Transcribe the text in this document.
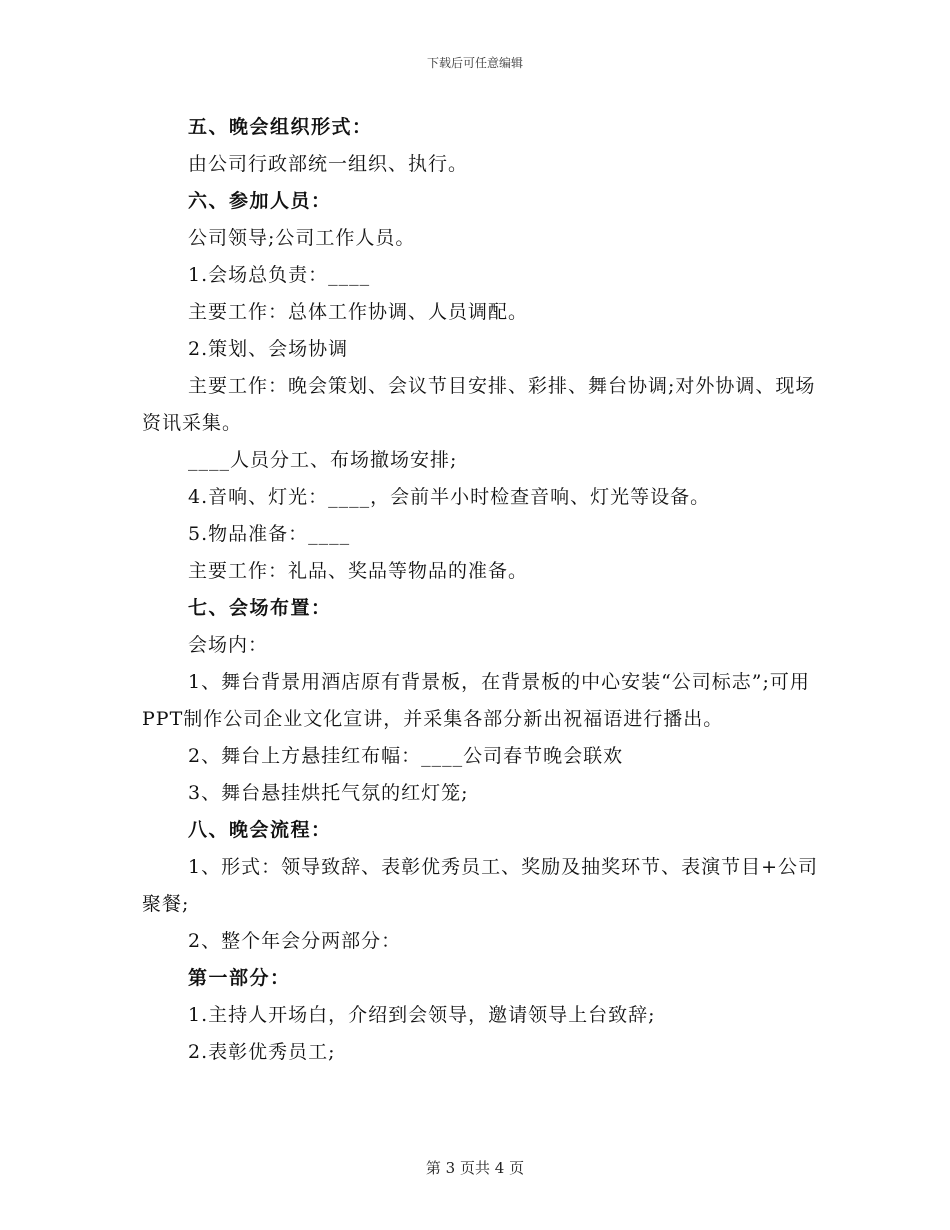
下载后可任意编辑

五、晚会组织形式：

由公司行政部统一组织、执行。

六、参加人员：

公司领导;公司工作人员。

1.会场总负责：____

主要工作：总体工作协调、人员调配。

2.策划、会场协调

主要工作：晚会策划、会议节目安排、彩排、舞台协调;对外协调、现场资讯采集。

____人员分工、布场撤场安排;

4.音响、灯光：____，会前半小时检查音响、灯光等设备。

5.物品准备：____

主要工作：礼品、奖品等物品的准备。

七、会场布置：

会场内：

1、舞台背景用酒店原有背景板，在背景板的中心安装“公司标志”;可用PPT制作公司企业文化宣讲，并采集各部分新出祝福语进行播出。

2、舞台上方悬挂红布幅：____公司春节晚会联欢

3、舞台悬挂烘托气氛的红灯笼;

八、晚会流程：

1、形式：领导致辞、表彰优秀员工、奖励及抽奖环节、表演节目+公司聚餐;

2、整个年会分两部分：

第一部分：

1.主持人开场白，介绍到会领导，邀请领导上台致辞;

2.表彰优秀员工;

第 3 页共 4 页
